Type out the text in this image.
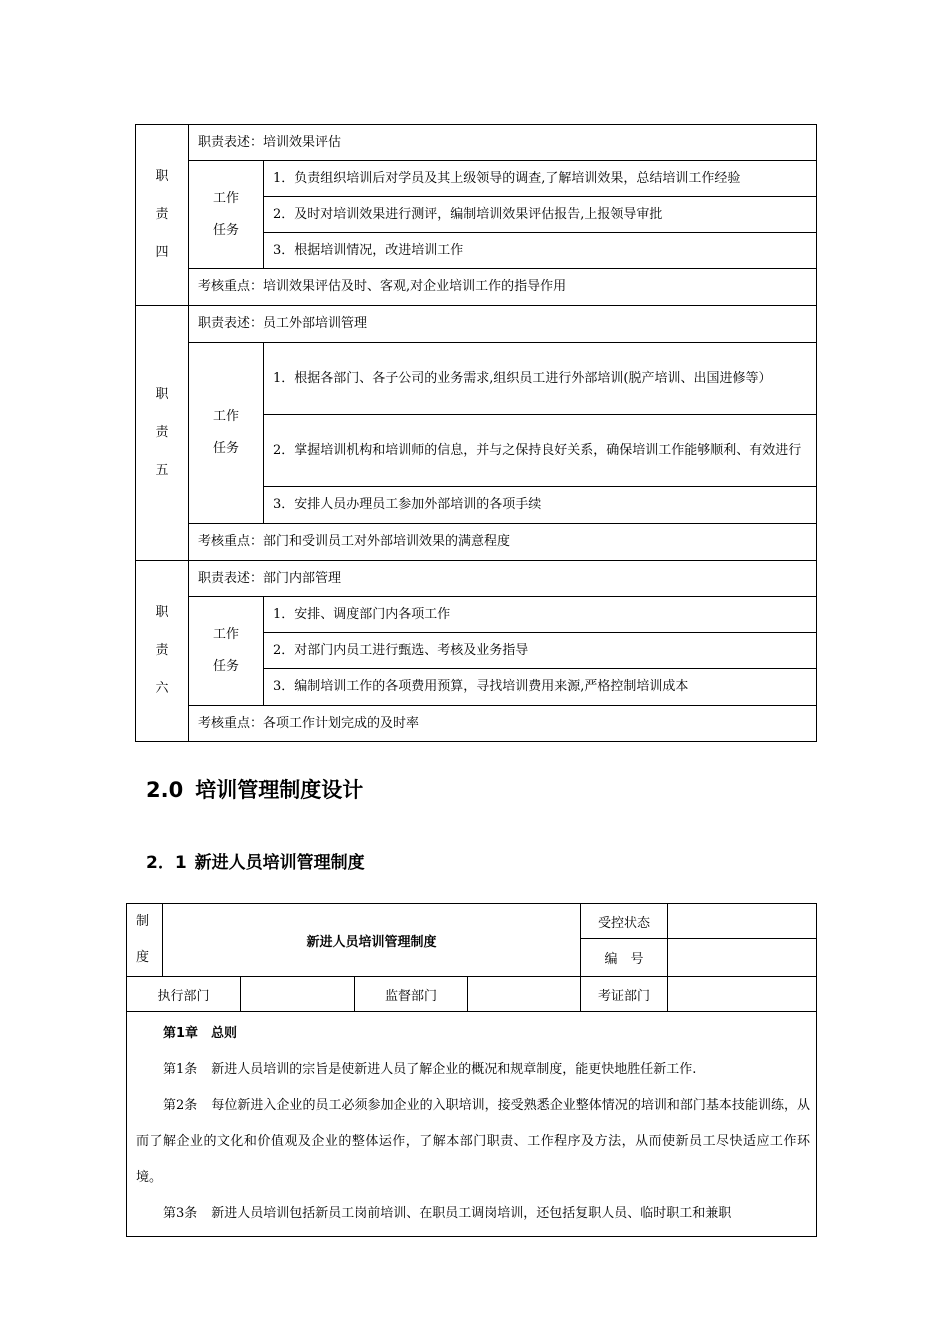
职
责
四	职责表述：培训效果评估	

	工作
任务	1．负责组织培训后对学员及其上级领导的调查,了解培训效果，总结培训工作经验
		2．及时对培训效果进行测评，编制培训效果评估报告,上报领导审批
		3．根据培训情况，改进培训工作
	考核重点：培训效果评估及时、客观,对企业培训工作的指导作用	

职
责
五	职责表述：员工外部培训管理	

	工作
任务	1．根据各部门、各子公司的业务需求,组织员工进行外部培训(脱产培训、出国进修等）
		2．掌握培训机构和培训师的信息，并与之保持良好关系，确保培训工作能够顺利、有效进行
		3．安排人员办理员工参加外部培训的各项手续
	考核重点：部门和受训员工对外部培训效果的满意程度	

职
责
六	职责表述：部门内部管理	

	工作
任务	1．安排、调度部门内各项工作
		2．对部门内员工进行甄选、考核及业务指导
		3．编制培训工作的各项费用预算，寻找培训费用来源,严格控制培训成本
	考核重点：各项工作计划完成的及时率	
2.0 培训管理制度设计
2．1 新进人员培训管理制度
制
度	新进人员培训管理制度				受控状态	
					编　号	
执行部门			监督部门		考证部门	

第1章　总则

第1条 新进人员培训的宗旨是使新进人员了解企业的概况和规章制度，能更快地胜任新工作.

第2条 每位新进入企业的员工必须参加企业的入职培训，接受熟悉企业整体情况的培训和部门基本技能训练，从而了解企业的文化和价值观及企业的整体运作，了解本部门职责、工作程序及方法，从而使新员工尽快适应工作环境。

第3条 新进人员培训包括新员工岗前培训、在职员工调岗培训，还包括复职人员、临时职工和兼职						
